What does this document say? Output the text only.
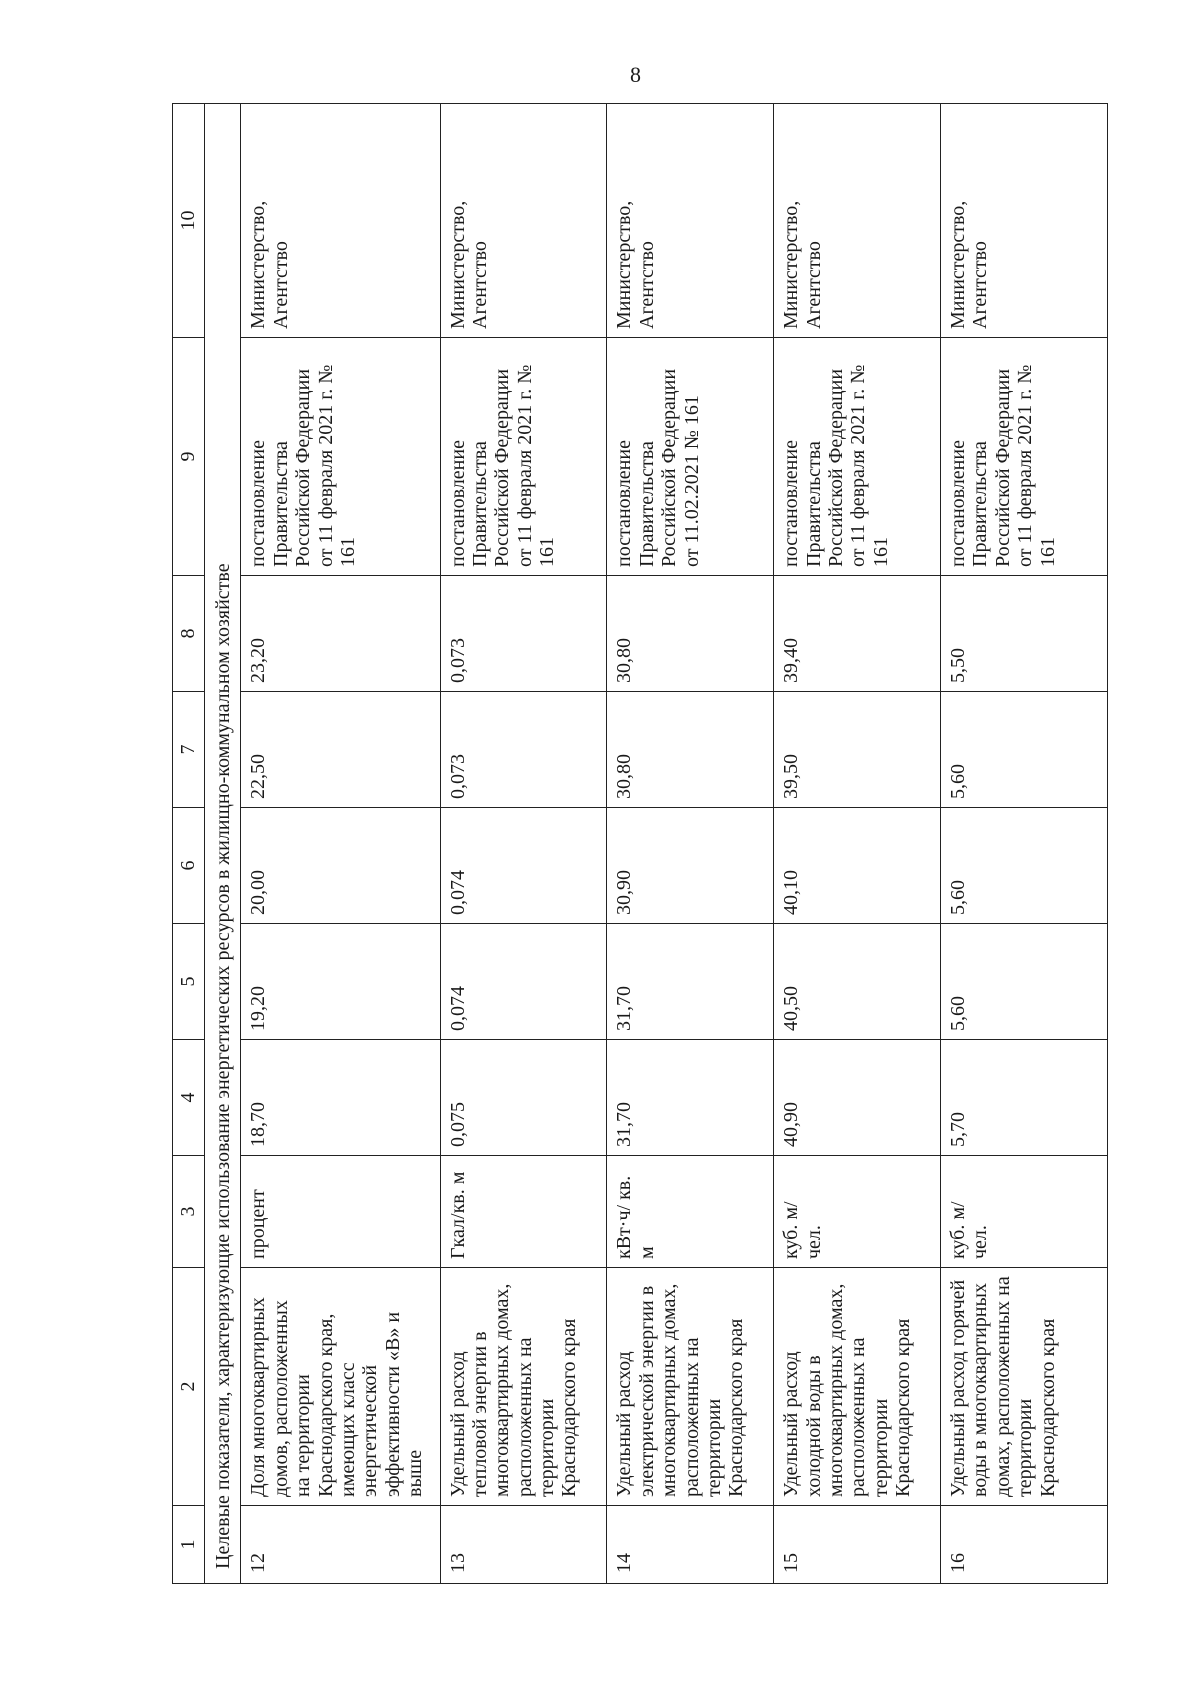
8
1	2	3	4	5	6	7	8	9	10
Целевые показатели, характеризующие использование энергетических ресурсов в жилищно-коммунальном хозяйстве									
12	Доля многоквартирных домов, расположенных на территории Краснодарского края, имеющих класс энергетической эффективности «В» и выше	процент	18,70	19,20	20,00	22,50	23,20	постановление Правительства Российской Федерации от 11 февраля 2021 г. № 161	Министерство, Агентство
13	Удельный расход тепловой энергии в многоквартирных домах, расположенных на территории Краснодарского края	Гкал/кв. м	0,075	0,074	0,074	0,073	0,073	постановление Правительства Российской Федерации от 11 февраля 2021 г. № 161	Министерство, Агентство
14	Удельный расход электрической энергии в многоквартирных домах, расположенных на территории Краснодарского края	кВт·ч/ кв. м	31,70	31,70	30,90	30,80	30,80	постановление Правительства Российской Федерации от 11.02.2021 № 161	Министерство, Агентство
15	Удельный расход холодной воды в многоквартирных домах, расположенных на территории Краснодарского края	куб. м/ чел.	40,90	40,50	40,10	39,50	39,40	постановление Правительства Российской Федерации от 11 февраля 2021 г. № 161	Министерство, Агентство
16	Удельный расход горячей воды в многоквартирных домах, расположенных на территории Краснодарского края	куб. м/ чел.	5,70	5,60	5,60	5,60	5,50	постановление Правительства Российской Федерации от 11 февраля 2021 г. № 161	Министерство, Агентство
